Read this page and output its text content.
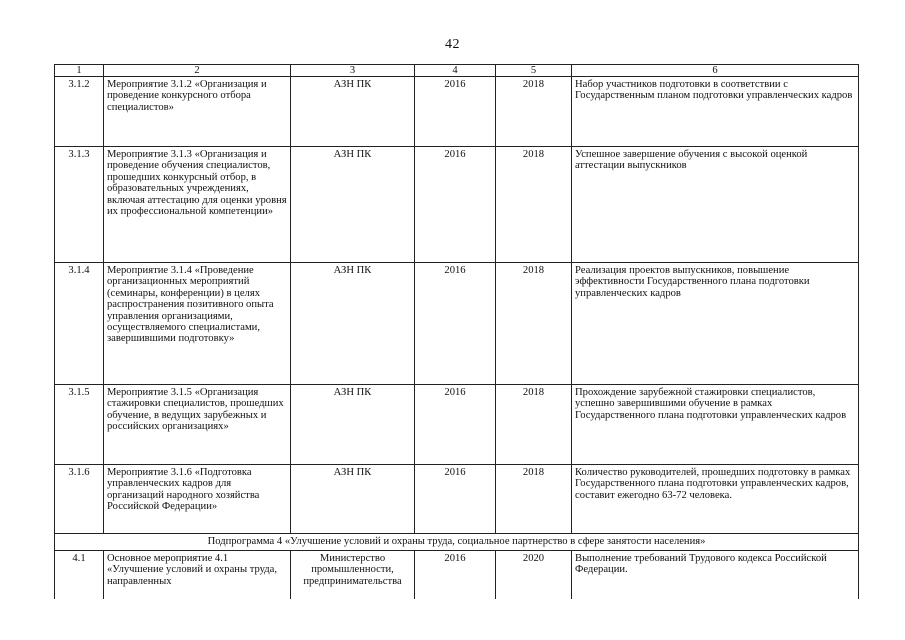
42
1	2	3	4	5	6
3.1.2	Мероприятие 3.1.2 «Организация и проведение конкурсного отбора специалистов»	АЗН ПК	2016	2018	Набор участников подготовки в соответствии с Государственным планом подготовки управленческих кадров
3.1.3	Мероприятие 3.1.3 «Организация и проведение обучения специалистов, прошедших конкурсный отбор, в образовательных учреждениях, включая аттестацию для оценки уровня их профессиональной компетенции»	АЗН ПК	2016	2018	Успешное завершение обучения с высокой оценкой аттестации выпускников
3.1.4	Мероприятие 3.1.4 «Проведение организационных мероприятий (семинары, конференции) в целях распространения позитивного опыта управления организациями, осуществляемого специалистами, завершившими подготовку»	АЗН ПК	2016	2018	Реализация проектов выпускников, повышение эффективности Государственного плана подготовки управленческих кадров
3.1.5	Мероприятие 3.1.5 «Организация стажировки специалистов, прошедших обучение, в ведущих зарубежных и российских организациях»	АЗН ПК	2016	2018	Прохождение зарубежной стажировки специалистов, успешно завершившими обучение в рамках Государственного плана подготовки управленческих кадров
3.1.6	Мероприятие 3.1.6 «Подготовка управленческих кадров для организаций народного хозяйства Российской Федерации»	АЗН ПК	2016	2018	Количество руководителей, прошедших подготовку в рамках Государственного плана подготовки управленческих кадров, составит ежегодно 63-72 человека.
Подпрограмма 4 «Улучшение условий и охраны труда, социальное партнерство в сфере занятости населения»					
4.1	Основное мероприятие 4.1 «Улучшение условий и охраны труда, направленных	Министерство промышленности, предпринимательства	2016	2020	Выполнение требований Трудового кодекса Российской Федерации.
